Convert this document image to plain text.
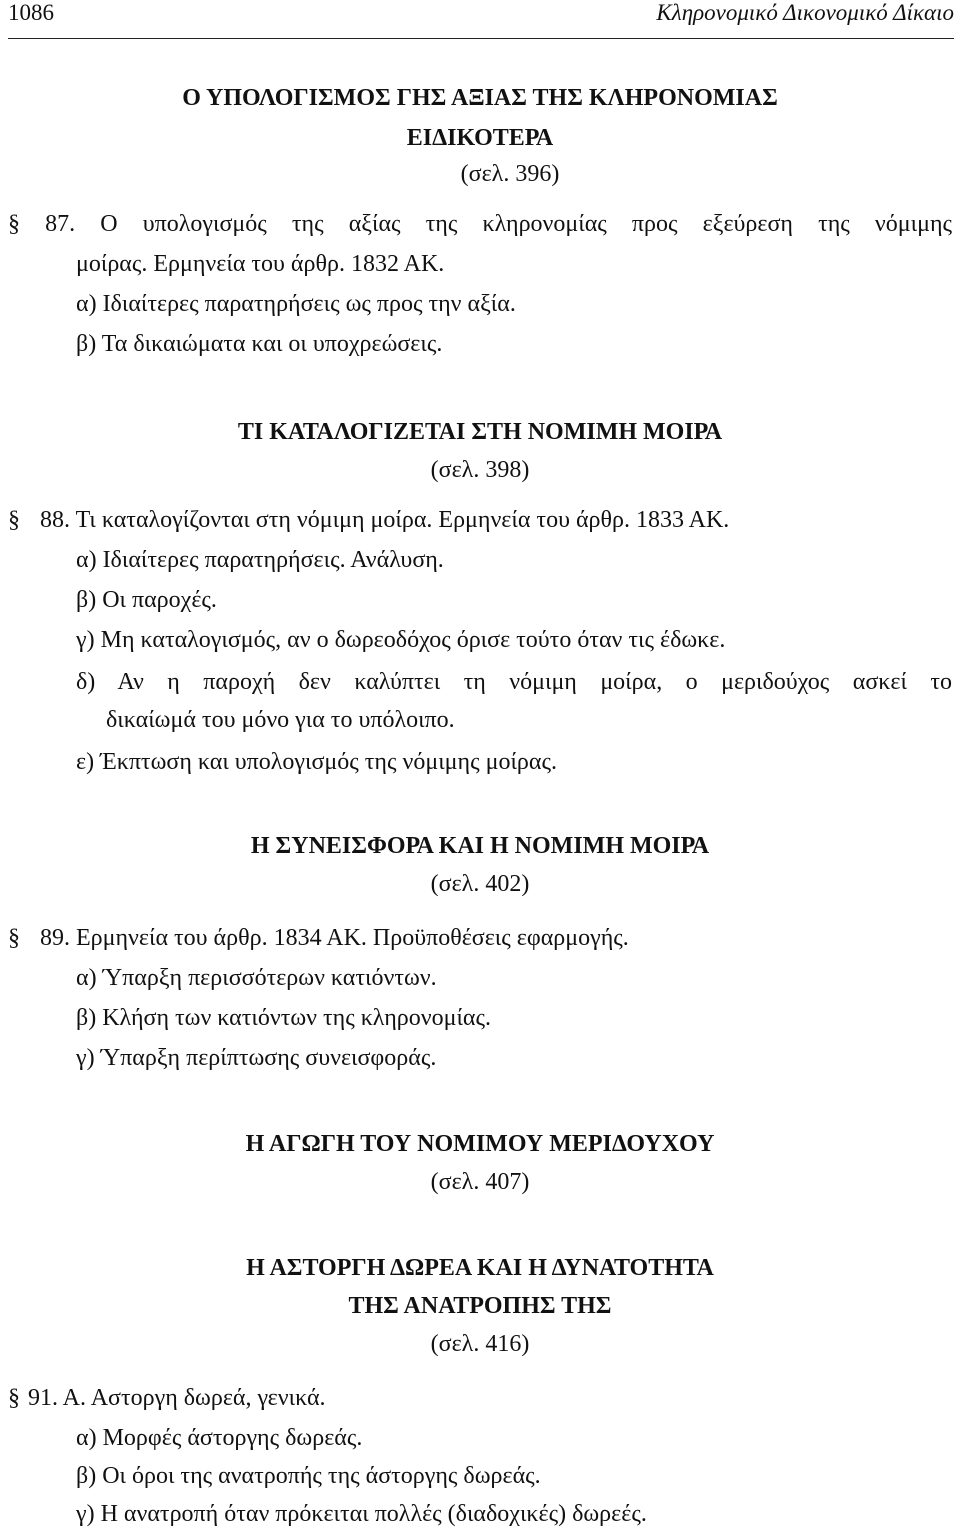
1086	Κληρονομικό Δικονομικό Δίκαιο
Ο ΥΠΟΛΟΓΙΣΜΟΣ ΓΗΣ ΑΞΙΑΣ ΤΗΣ ΚΛΗΡΟΝΟΜΙΑΣ
ΕΙΔΙΚΟΤΕΡΑ
(σελ. 396)
§ 87. Ο υπολογισμός της αξίας της κληρονομίας προς εξεύρεση της νόμιμης
μοίρας. Ερμηνεία του άρθρ. 1832 ΑΚ.
α) Ιδιαίτερες παρατηρήσεις ως προς την αξία.
β) Τα δικαιώματα και οι υποχρεώσεις.
ΤΙ ΚΑΤΑΛΟΓΙΖΕΤΑΙ ΣΤΗ ΝΟΜΙΜΗ ΜΟΙΡΑ
(σελ. 398)
§ 88. Τι καταλογίζονται στη νόμιμη μοίρα. Ερμηνεία του άρθρ. 1833 ΑΚ.
α) Ιδιαίτερες παρατηρήσεις. Ανάλυση.
β) Οι παροχές.
γ) Μη καταλογισμός, αν ο δωρεοδόχος όρισε τούτο όταν τις έδωκε.
δ) Αν η παροχή δεν καλύπτει τη νόμιμη μοίρα, ο μεριδούχος ασκεί το
δικαίωμά του μόνο για το υπόλοιπο.
ε) Έκπτωση και υπολογισμός της νόμιμης μοίρας.
Η ΣΥΝΕΙΣΦΟΡΑ ΚΑΙ Η ΝΟΜΙΜΗ ΜΟΙΡΑ
(σελ. 402)
§ 89. Ερμηνεία του άρθρ. 1834 ΑΚ. Προϋποθέσεις εφαρμογής.
α) Ύπαρξη περισσότερων κατιόντων.
β) Κλήση των κατιόντων της κληρονομίας.
γ) Ύπαρξη περίπτωσης συνεισφοράς.
Η ΑΓΩΓΗ ΤΟΥ ΝΟΜΙΜΟΥ ΜΕΡΙΔΟΥΧΟΥ
(σελ. 407)
Η ΑΣΤΟΡΓΗ ΔΩΡΕΑ ΚΑΙ Η ΔΥΝΑΤΟΤΗΤΑ
ΤΗΣ ΑΝΑΤΡΟΠΗΣ ΤΗΣ
(σελ. 416)
§ 91. Α. Αστοργη δωρεά, γενικά.
α) Μορφές άστοργης δωρεάς.
β) Οι όροι της ανατροπής της άστοργης δωρεάς.
γ) Η ανατροπή όταν πρόκειται πολλές (διαδοχικές) δωρεές.
